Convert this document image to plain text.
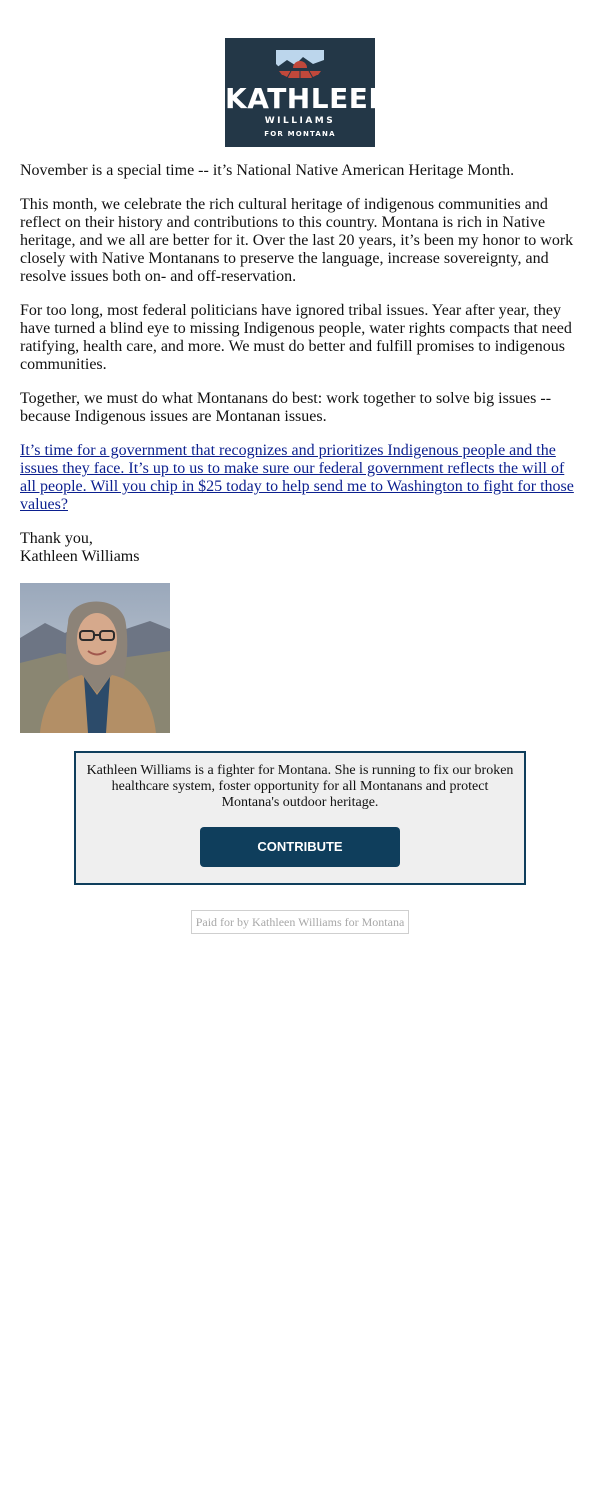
KATHLEEN
WILLIAMS
FOR MONTANA

November is a special time -- it’s National Native American Heritage Month.

This month, we celebrate the rich cultural heritage of indigenous communities and reflect on their history and contributions to this country. Montana is rich in Native heritage, and we all are better for it. Over the last 20 years, it’s been my honor to work closely with Native Montanans to preserve the language, increase sovereignty, and resolve issues both on- and off-reservation.

For too long, most federal politicians have ignored tribal issues. Year after year, they have turned a blind eye to missing Indigenous people, water rights compacts that need ratifying, health care, and more. We must do better and fulfill promises to indigenous communities.

Together, we must do what Montanans do best: work together to solve big issues -- because Indigenous issues are Montanan issues.

It’s time for a government that recognizes and prioritizes Indigenous people and the issues they face. It’s up to us to make sure our federal government reflects the will of all people. Will you chip in $25 today to help send me to Washington to fight for those values?

Thank you,
Kathleen Williams

Kathleen Williams is a fighter for Montana. She is running to fix our broken healthcare system, foster opportunity for all Montanans and protect Montana's outdoor heritage.
CONTRIBUTE
Paid for by Kathleen Williams for Montana
